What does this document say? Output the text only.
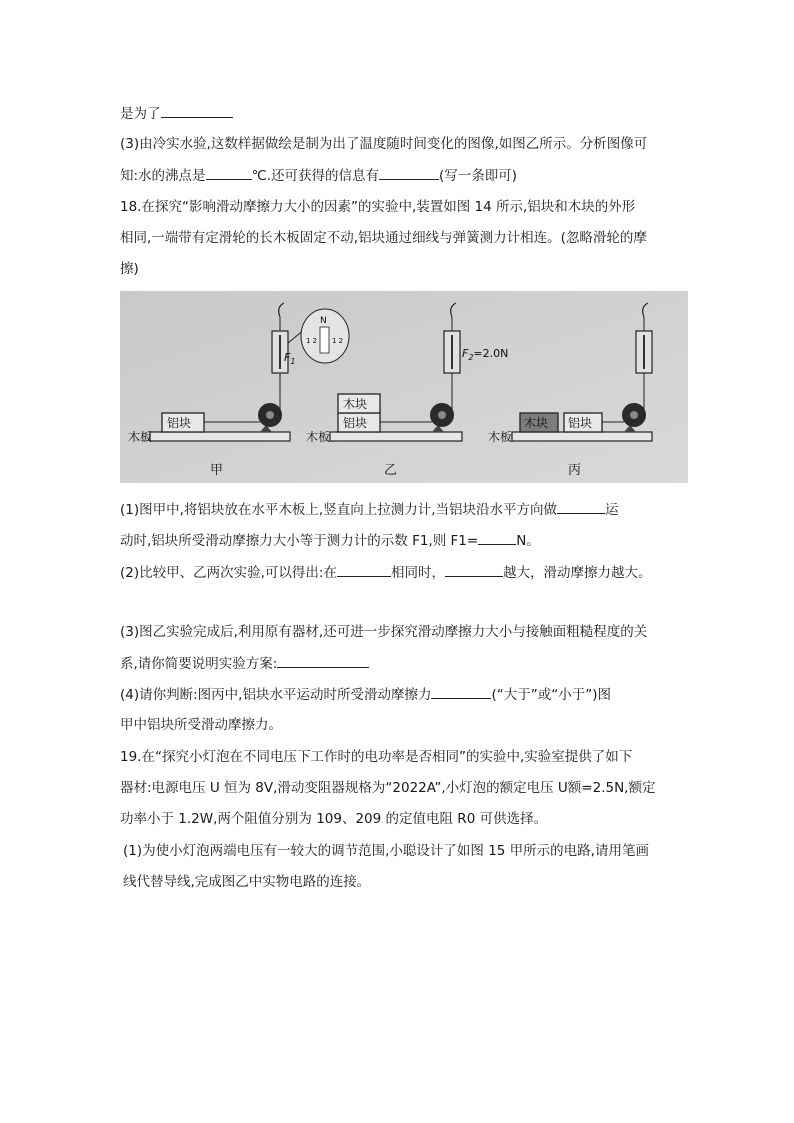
是为了
(3)由冷实水验,这数样据做绘是制为出了温度随时间变化的图像,如图乙所示。分析图像可
知:水的沸点是	℃.还可获得的信息有	(写一条即可)
18.在探究“影响滑动摩擦力大小的因素”的实验中,装置如图 14 所示,铝块和木块的外形
相同,一端带有定滑轮的长木板固定不动,铝块通过细线与弹簧测力计相连。(忽略滑轮的摩
擦)
木板
铝块
$F_1$
N
1 2 1 2
甲
木板
铝块
木块
$F_2=2.0N$
乙
木板
木块 铝块
丙
(1)图甲中,将铝块放在水平木板上,竖直向上拉测力计,当铝块沿水平方向做	运
动时,铝块所受滑动摩擦力大小等于测力计的示数 F1,则 F1=	N。
(2)比较甲、乙两次实验,可以得出:在	相同时，	越大，滑动摩擦力越大。
(3)图乙实验完成后,利用原有器材,还可进一步探究滑动摩擦力大小与接触面粗糙程度的关
系,请你简要说明实验方案:
(4)请你判断:图丙中,铝块水平运动时所受滑动摩擦力	(“大于”或“小于”)图
甲中铝块所受滑动摩擦力。
19.在“探究小灯泡在不同电压下工作时的电功率是否相同”的实验中,实验室提供了如下
器材:电源电压 U 恒为 8V,滑动变阻器规格为“2022A”,小灯泡的额定电压 U额=2.5N,额定
功率小于 1.2W,两个阻值分别为 109、209 的定值电阻 R0 可供选择。
(1)为使小灯泡两端电压有一较大的调节范围,小聪设计了如图 15 甲所示的电路,请用笔画
线代替导线,完成图乙中实物电路的连接。
